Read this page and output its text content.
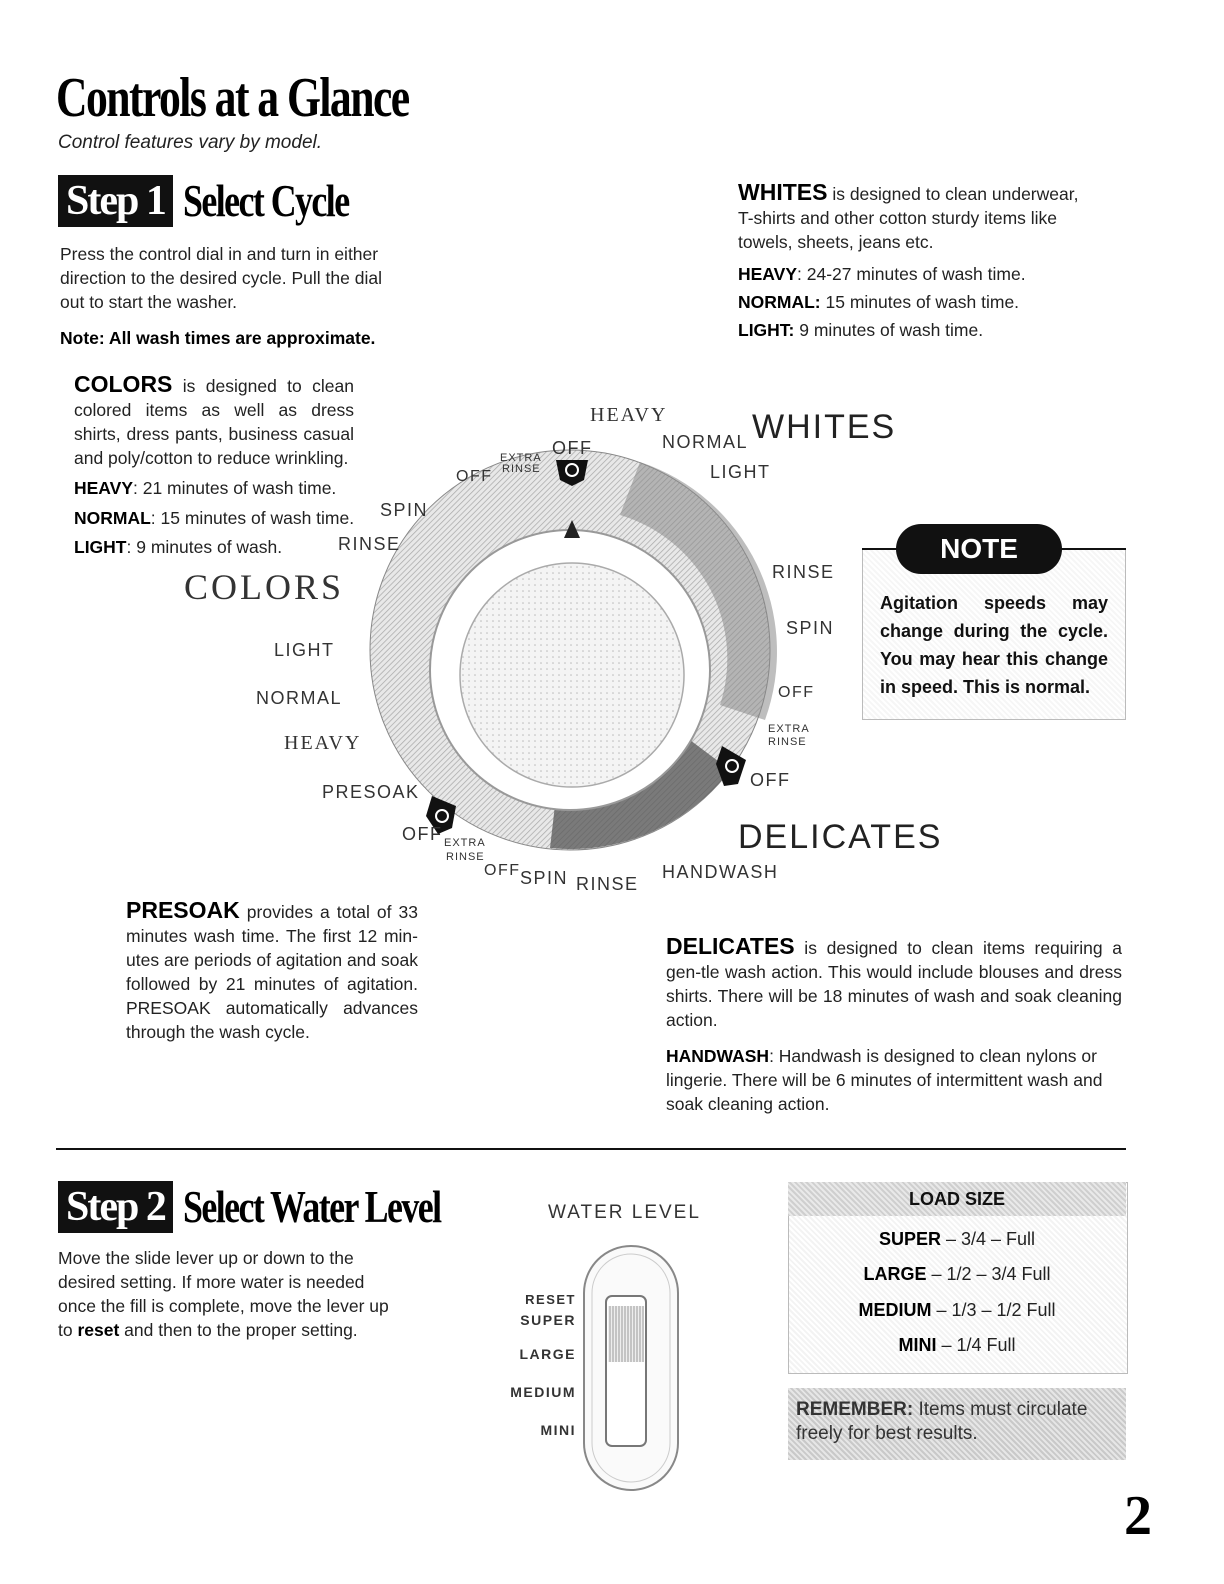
Controls at a Glance
Control features vary by model.
Step 1 Select Cycle
Press the control dial in and turn in either direction to the desired cycle. Pull the dial out to start the washer.
Note: All wash times are approximate.
WHITES is designed to clean underwear, T-shirts and other cotton sturdy items like towels, sheets, jeans etc.
HEAVY: 24-27 minutes of wash time.
NORMAL: 15 minutes of wash time.
LIGHT: 9 minutes of wash time.
COLORS is designed to clean colored items as well as dress shirts, dress pants, business casual and poly/cotton to reduce wrinkling.
HEAVY: 21 minutes of wash time.
NORMAL: 15 minutes of wash time.
LIGHT: 9 minutes of wash.
HEAVY
NORMAL WHITES
LIGHT
EXTRA OFF
RINSE
OFF
SPIN
RINSE
COLORS
LIGHT
NORMAL
HEAVY
PRESOAK
OFF EXTRA
RINSE
OFF SPIN RINSE
HANDWASH
DELICATES
RINSE
SPIN
OFF
EXTRA
RINSE
OFF
NOTE
Agitation speeds may change during the cycle. You may hear this change in speed. This is normal.
PRESOAK provides a total of 33 minutes wash time. The first 12 min-utes are periods of agitation and soak followed by 21 minutes of agitation. PRESOAK automatically advances through the wash cycle.
DELICATES is designed to clean items requiring a gen-tle wash action. This would include blouses and dress shirts. There will be 18 minutes of wash and soak cleaning action.
HANDWASH: Handwash is designed to clean nylons or lingerie. There will be 6 minutes of intermittent wash and soak cleaning action.
Step 2 Select Water Level
Move the slide lever up or down to the desired setting. If more water is needed once the fill is complete, move the lever up to reset and then to the proper setting.
WATER LEVEL
RESET
SUPER
LARGE
MEDIUM
MINI
LOAD SIZE
SUPER – 3/4 – Full
LARGE – 1/2 – 3/4 Full
MEDIUM – 1/3 – 1/2 Full
MINI – 1/4 Full
REMEMBER: Items must circulate freely for best results.
2
